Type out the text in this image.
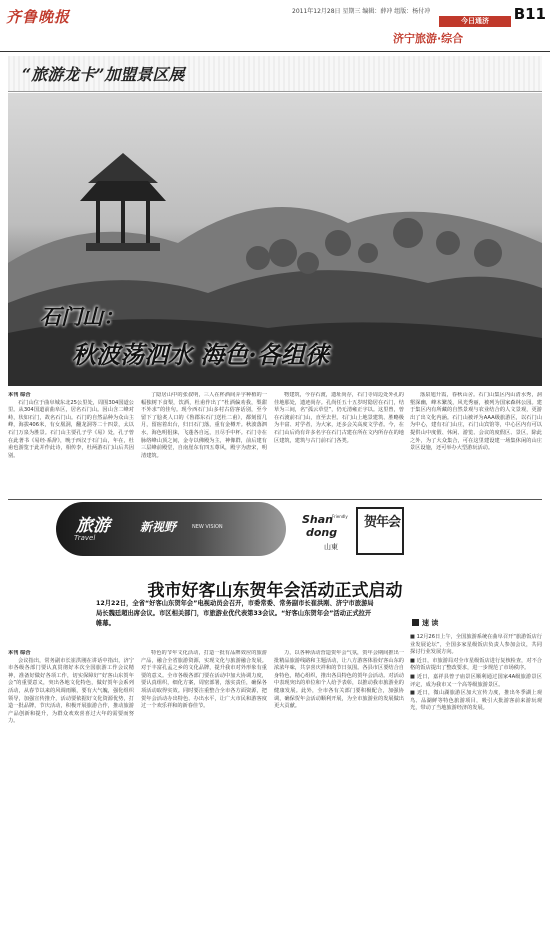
齐鲁晚报	2011年12月28日 星期三 编辑：薛冲 组版：杨付冲	B11
今日通济
济宁旅游·综合
“旅游龙卡”加盟景区展
石门山：
秋波荡泗水 海色·各组徕
本刊 综合

石门山位于曲阜城东北25公里处，周围304国道公里。从304国道前曲阜区，居名石门山。因山含二峰对峙，状如石门，故名石门山。石门的自然品种为众山主峰，海拔406米，有女凰洞，翻龙洞等二十四景，太以石门万泉为胜景。石门山主要孔子学《易》处，孔子曾在此著书《易经·系辞》，晚于西汉于石门山，年在，杜甫也游览于此并作此诗，相传李，杜两游石门山后共因别。

了隐居山中的张叔明，三人在杯酒间弄字种植的一幅独树下食梨，饮酒，杜甫作出了“杜酒偏劝我，梨甜不外求”的佳句。现今西石门山多村古俗客话别，至今留下了脍炙人口的《鲁郡东石门送杜二甫》，都刻留几月，留宿着出台，归日石门落，重有金樽开。秋波落泗水，海色明徂徕，飞蓬各自远，且尽手中杯。石门寺在脉络峰山顶之间，金寺以佛殿为主，神像群，前后建有三层峰前殿堂，自南崖东有四五尊风，殿宇为唐宋，明清建筑。

物建筑，今存石渡，遗址尚存，石门寺周边处外孔的佳地那处，遗迹尚存。孔尚任五十五岁时隐居在石门，结草为三间，名“孤云草堂”，仍无清雍正字以。这里曾，曾在石渡前石门山，直至去世。石门山上地景建筑、胜略极为丰富、对学者，为大家，还多会关高度文学者。今，在石门山后尚有许多名字在石门古建在所在文内所存在的地区建筑，建筑与古门前石门各类。

落泉旭升霞，春秋山舍。石门山集区内山清水秀，洞壑深幽，峰木繁茂，风光秀丽，被列为国家森林公园。建于集区内有所藏的自然景观与农业结合的人文景观，更游出了出文化内涵。石门山被评为AAA级旅游区，以石门山为中心，建有石门山庄，石门山宾馆等，中心区内有可以提供山中度假、休闲、游览、会议的度假区、景区，除此之外，为了大众集合，可在这里建设建一场集休闲的山庄景区设施，还可举办大型游玩活动。

旅游
Travel
新视野	NEW VISION
Shan
Friendly
dong
山東
贺年会
我市好客山东贺年会活动正式启动
12月22日，全省“好客山东贺年会”电视动员会召开，市委常委、常务副市长崔洪刚、济宁市旅游局局长魏廷超出席会议。市区相关部门，市旅游业优代表第33会议。“好客山东贺年会”活动正式拉开帷幕。
本刊 综合

会议指出，常务副市长崔洪刚在讲话中指出，济宁市各级各部门要认真贯彻好本次全国旅游工作会议精神，准备好做好各项工作，切实保障好“好客山东贺年会”的重要意义，突出各地文化特色，做好贺年会系列活动，从春节以来的风调雨顺，要有大气魄，强化组织领导，加强宣传推介，活动要依据好文化资源优势，打造一批品牌，节庆活动，积极开展旅游合作，推动旅游产品创新和提升，为群众欢欢喜喜过大年的需要而努力。

特色的节年文化活动，打造一批有品牌效应的旅游产品，融合全省旅游资源，实现文化与旅游融合发展。对于丰富孔孟之乡的文化品牌，提升我市对外形象有重要的意义。全市各级各部门要在活动中加大协调力度，要认真组织，细化方案，周密部署，落实责任，确保各项活动取得实效。同时要注重整合全市各方面资源，把贺年会活动办出特色、办出水平，让广大市民和游客度过一个欢乐祥和的新春佳节。

力，以各种活动营造贺年会气氛，贺年会期间推出一批精品旅游线路和主题活动，让八方游客体验好客山东的浓浓年味，共享喜庆祥和的节日氛围。各县市区要结合自身特色，精心组织，推出各具特色的贺年会活动。对活动中表现突出的单位和个人给予表彰，以推动我市旅游业的健康发展。此外，全市各有关部门要积极配合，加强协调，确保贺年会活动顺利开展，为全市旅游业的发展做出更大贡献。

速 读

■ 12月26日上午，全国旅游系统在曲阜召开“旅游饭店行业发展论坛”，全国多家星级饭店负责人参加会议，共同探讨行业发展方向。

■ 近日，市旅游局对全市星级饭店进行复核检查，对不合格的饭店提出了整改要求，进一步规范了市场秩序。

■ 近日，嘉祥县曾子庙景区顺利通过国家4A级旅游景区评定，成为我市又一个高等级旅游景区。

■ 近日，微山湖旅游区加大宣传力度，推出冬季湖上观鸟、品湖鲜等特色旅游项目，吸引大批游客前来游玩观光，带动了当地旅游经济的发展。
